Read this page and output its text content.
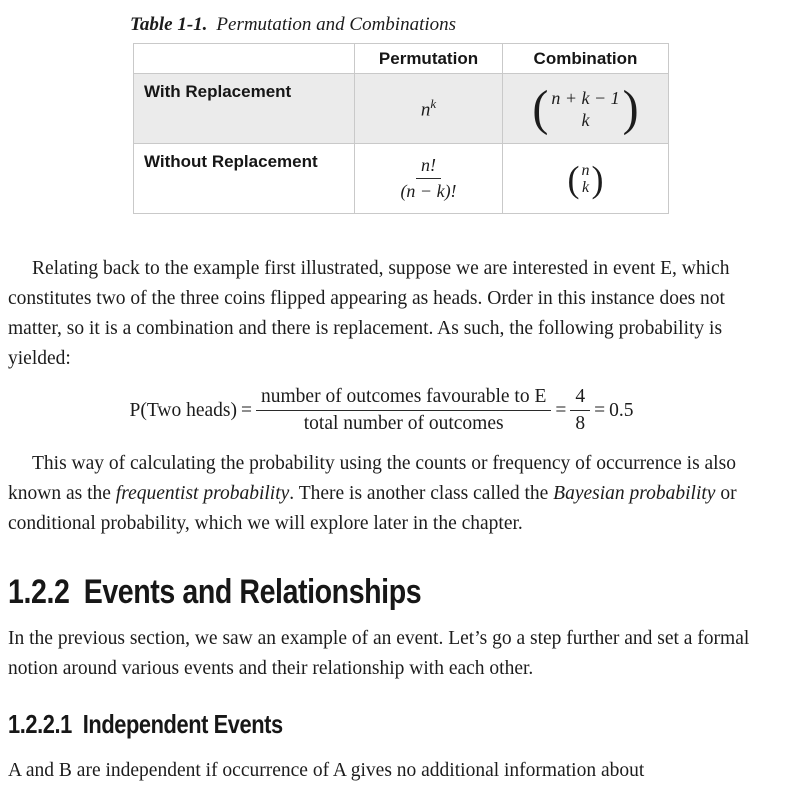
Table 1-1. Permutation and Combinations

	Permutation	Combination
With Replacement	$n^k$	( n + k − 1
k )

Without Replacement	$\frac{n!}{(n - k)!}$	( n
k )

Relating back to the example first illustrated, suppose we are interested in event E, which constitutes two of the three coins flipped appearing as heads. Order in this instance does not matter, so it is a combination and there is replacement. As such, the following probability is yielded:

P(Two heads) = $\frac{\text{number of outcomes favourable to E}}{\text{total number of outcomes}} = \frac{4}{8} = 0.5$

This way of calculating the probability using the counts or frequency of occurrence is also known as the frequentist probability. There is another class called the Bayesian probability or conditional probability, which we will explore later in the chapter.

1.2.2 Events and Relationships

In the previous section, we saw an example of an event. Let’s go a step further and set a formal notion around various events and their relationship with each other.

1.2.2.1 Independent Events

A and B are independent if occurrence of A gives no additional information about
